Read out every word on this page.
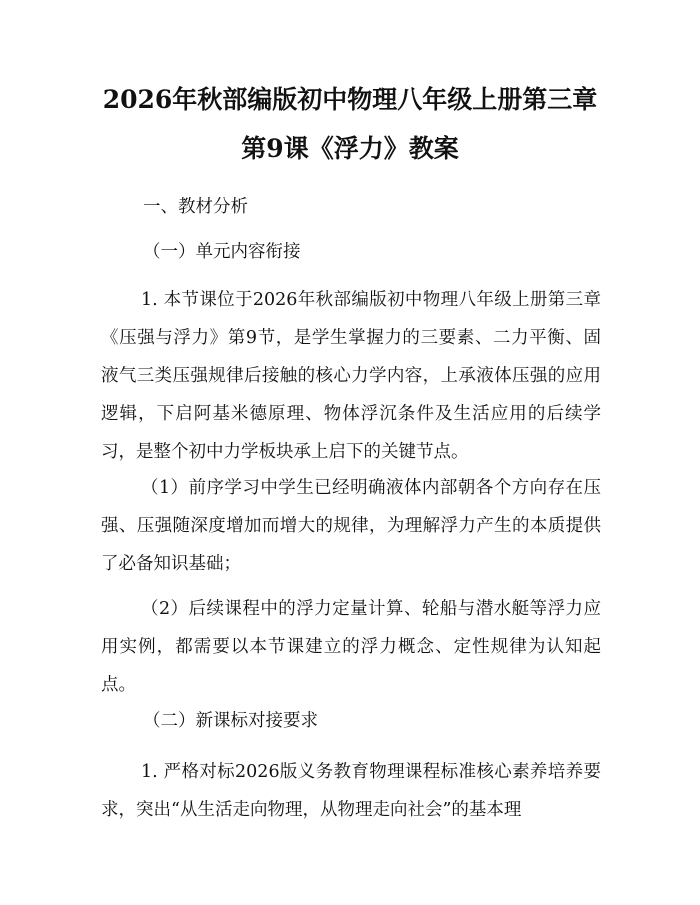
2026年秋部编版初中物理八年级上册第三章
第9课《浮力》教案
一、教材分析
（一）单元内容衔接

1. 本节课位于2026年秋部编版初中物理八年级上册第三章《压强与浮力》第9节，是学生掌握力的三要素、二力平衡、固液气三类压强规律后接触的核心力学内容，上承液体压强的应用逻辑，下启阿基米德原理、物体浮沉条件及生活应用的后续学习，是整个初中力学板块承上启下的关键节点。

（1）前序学习中学生已经明确液体内部朝各个方向存在压强、压强随深度增加而增大的规律，为理解浮力产生的本质提供了必备知识基础；

（2）后续课程中的浮力定量计算、轮船与潜水艇等浮力应用实例，都需要以本节课建立的浮力概念、定性规律为认知起点。

（二）新课标对接要求

1. 严格对标2026版义务教育物理课程标准核心素养培养要求，突出“从生活走向物理，从物理走向社会”的基本理
